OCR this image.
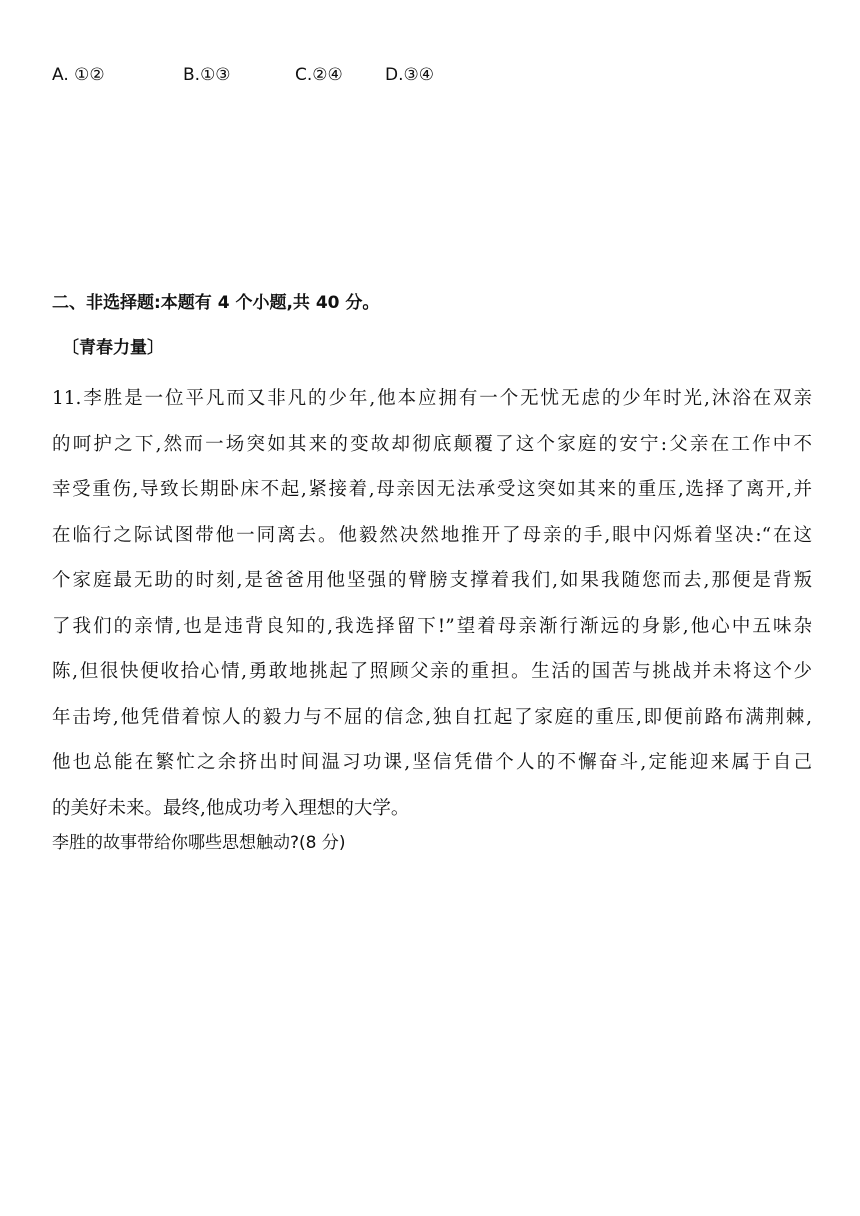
A. ①②	B.①③	C.②④ D.③④
二、非选择题:本题有 4 个小题,共 40 分。
〔青春力量〕
11.李胜是一位平凡而又非凡的少年,他本应拥有一个无忧无虑的少年时光,沐浴在双亲
的呵护之下,然而一场突如其来的变故却彻底颠覆了这个家庭的安宁:父亲在工作中不
幸受重伤,导致长期卧床不起,紧接着,母亲因无法承受这突如其来的重压,选择了离开,并
在临行之际试图带他一同离去。他毅然决然地推开了母亲的手,眼中闪烁着坚决:“在这
个家庭最无助的时刻,是爸爸用他坚强的臂膀支撑着我们,如果我随您而去,那便是背叛
了我们的亲情,也是违背良知的,我选择留下!”望着母亲渐行渐远的身影,他心中五味杂
陈,但很快便收拾心情,勇敢地挑起了照顾父亲的重担。生活的国苦与挑战并未将这个少
年击垮,他凭借着惊人的毅力与不屈的信念,独自扛起了家庭的重压,即便前路布满荆棘,
他也总能在繁忙之余挤出时间温习功课,坚信凭借个人的不懈奋斗,定能迎来属于自己
的美好未来。最终,他成功考入理想的大学。
李胜的故事带给你哪些思想触动?(8 分)
